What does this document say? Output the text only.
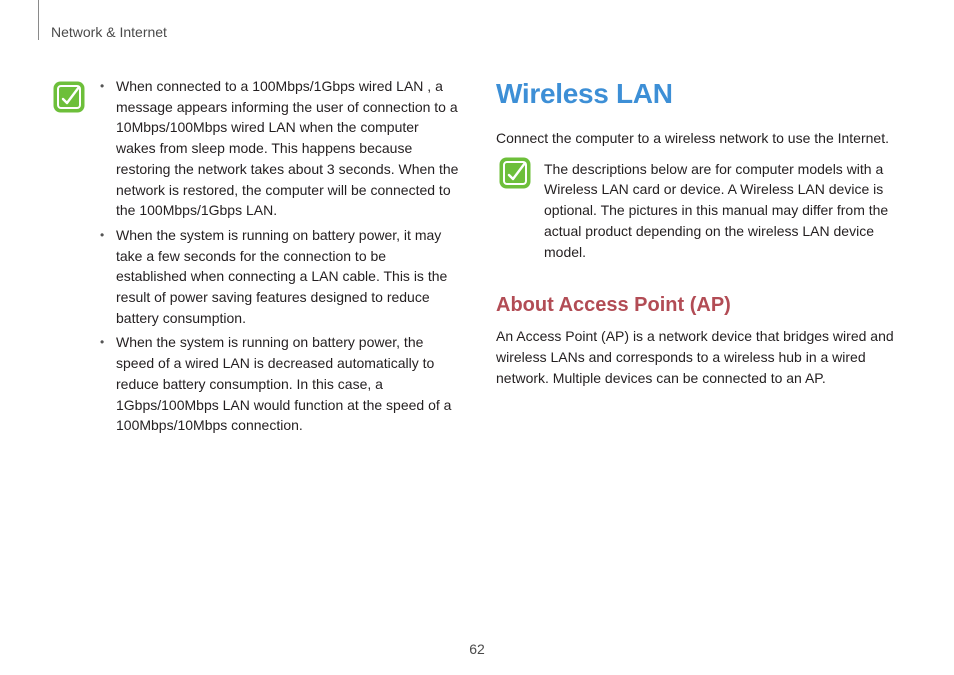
Network & Internet
• When connected to a 100Mbps/1Gbps wired LAN , a message appears informing the user of connection to a 10Mbps/100Mbps wired LAN when the computer wakes from sleep mode. This happens because restoring the network takes about 3 seconds. When the network is restored, the computer will be connected to the 100Mbps/1Gbps LAN.
• When the system is running on battery power, it may take a few seconds for the connection to be established when connecting a LAN cable. This is the result of power saving features designed to reduce battery consumption.
• When the system is running on battery power, the speed of a wired LAN is decreased automatically to reduce battery consumption. In this case, a 1Gbps/100Mbps LAN would function at the speed of a 100Mbps/10Mbps connection.
Wireless LAN
Connect the computer to a wireless network to use the Internet.
The descriptions below are for computer models with a Wireless LAN card or device. A Wireless LAN device is optional. The pictures in this manual may differ from the actual product depending on the wireless LAN device model.
About Access Point (AP)
An Access Point (AP) is a network device that bridges wired and wireless LANs and corresponds to a wireless hub in a wired network. Multiple devices can be connected to an AP.
62
